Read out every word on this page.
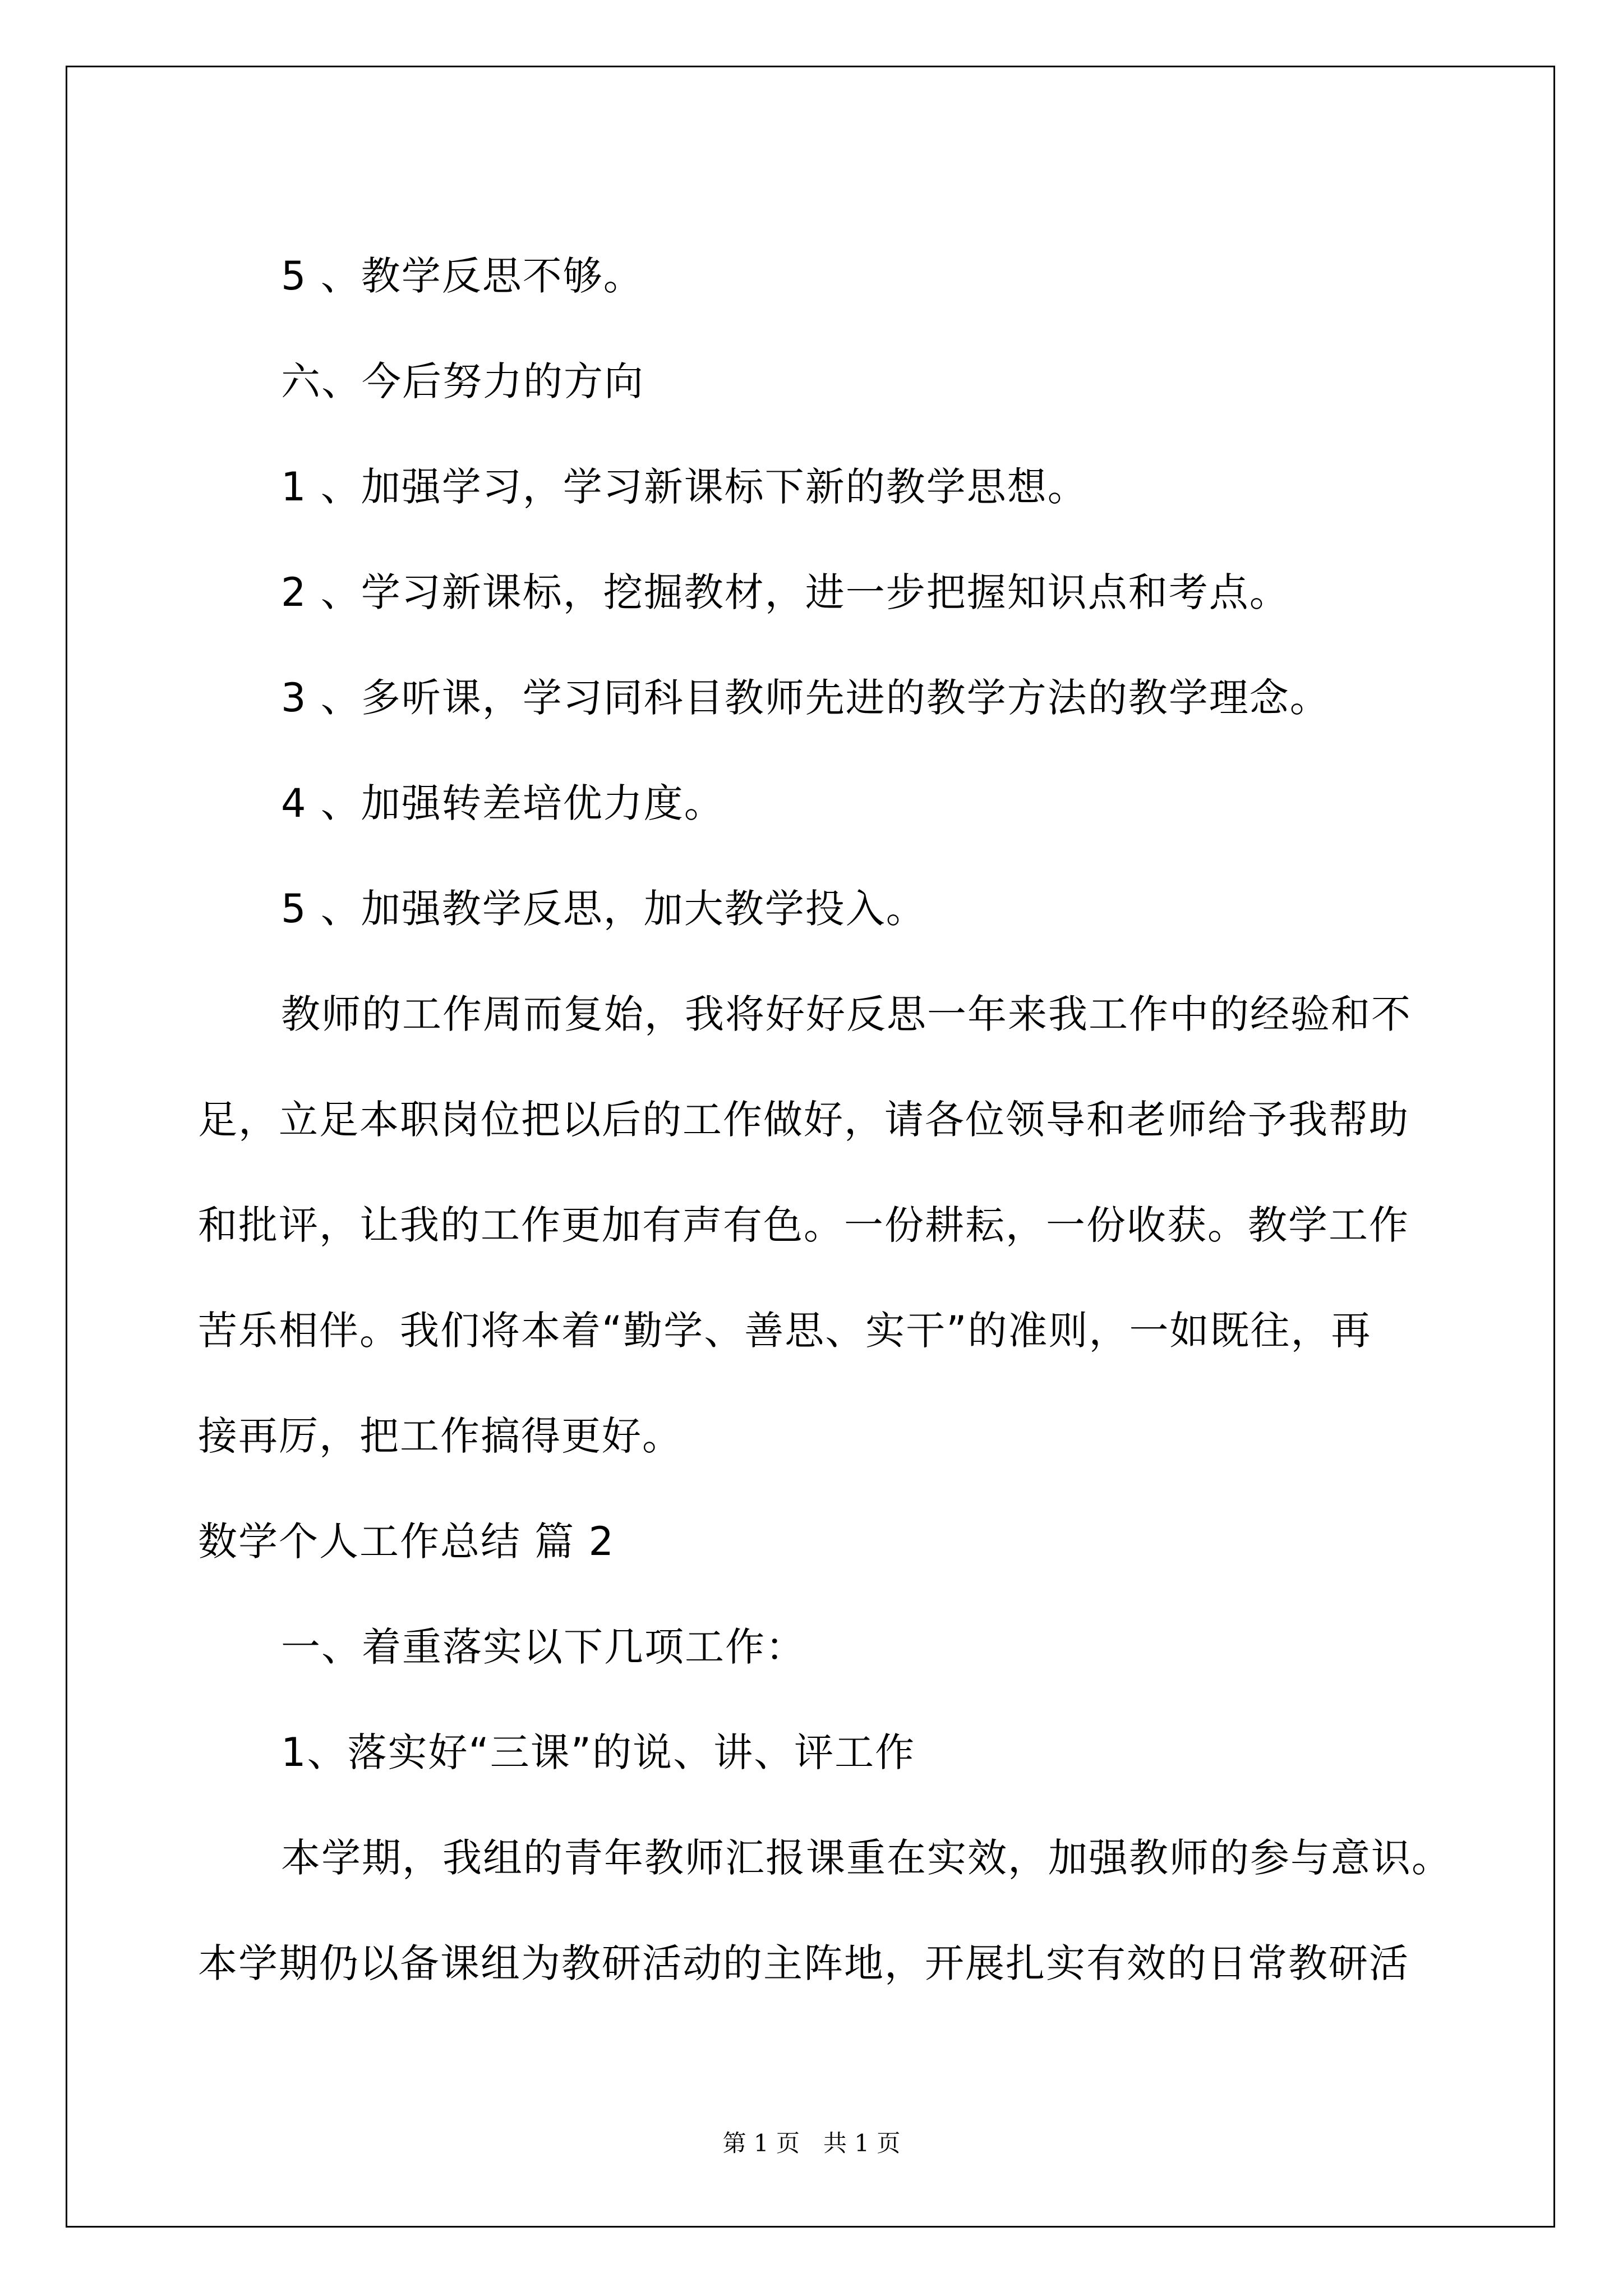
5 、教学反思不够。
六、今后努力的方向
1 、加强学习，学习新课标下新的教学思想。
2 、学习新课标，挖掘教材，进一步把握知识点和考点。
3 、多听课，学习同科目教师先进的教学方法的教学理念。
4 、加强转差培优力度。
5 、加强教学反思，加大教学投入。
教师的工作周而复始，我将好好反思一年来我工作中的经验和不
足，立足本职岗位把以后的工作做好，请各位领导和老师给予我帮助
和批评，让我的工作更加有声有色。一份耕耘，一份收获。教学工作
苦乐相伴。我们将本着“勤学、善思、实干”的准则，一如既往，再
接再厉，把工作搞得更好。
数学个人工作总结 篇 2
一、着重落实以下几项工作：
1、落实好“三课”的说、讲、评工作
本学期，我组的青年教师汇报课重在实效，加强教师的参与意识。
本学期仍以备课组为教研活动的主阵地，开展扎实有效的日常教研活
第 1 页　共 1 页
